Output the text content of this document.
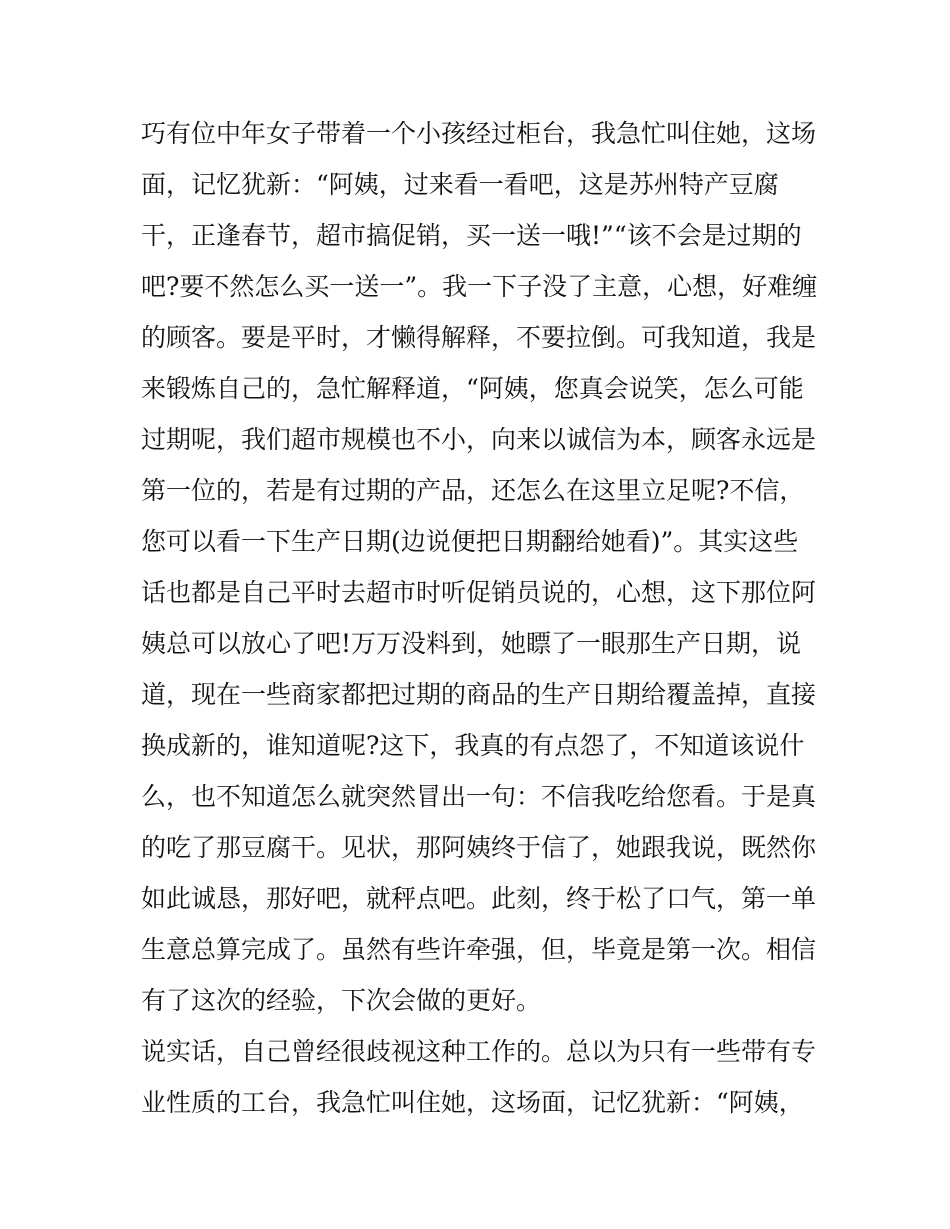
巧有位中年女子带着一个小孩经过柜台，我急忙叫住她，这场
面，记忆犹新：“阿姨，过来看一看吧，这是苏州特产豆腐
干，正逢春节，超市搞促销，买一送一哦!”“该不会是过期的
吧?要不然怎么买一送一”。我一下子没了主意，心想，好难缠
的顾客。要是平时，才懒得解释，不要拉倒。可我知道，我是
来锻炼自己的，急忙解释道，“阿姨，您真会说笑，怎么可能
过期呢，我们超市规模也不小，向来以诚信为本，顾客永远是
第一位的，若是有过期的产品，还怎么在这里立足呢?不信，
您可以看一下生产日期(边说便把日期翻给她看)”。其实这些
话也都是自己平时去超市时听促销员说的，心想，这下那位阿
姨总可以放心了吧!万万没料到，她瞟了一眼那生产日期，说
道，现在一些商家都把过期的商品的生产日期给覆盖掉，直接
换成新的，谁知道呢?这下，我真的有点怨了，不知道该说什
么，也不知道怎么就突然冒出一句：不信我吃给您看。于是真
的吃了那豆腐干。见状，那阿姨终于信了，她跟我说，既然你
如此诚恳，那好吧，就秤点吧。此刻，终于松了口气，第一单
生意总算完成了。虽然有些许牵强，但，毕竟是第一次。相信
有了这次的经验，下次会做的更好。
说实话，自己曾经很歧视这种工作的。总以为只有一些带有专
业性质的工台，我急忙叫住她，这场面，记忆犹新：“阿姨，
